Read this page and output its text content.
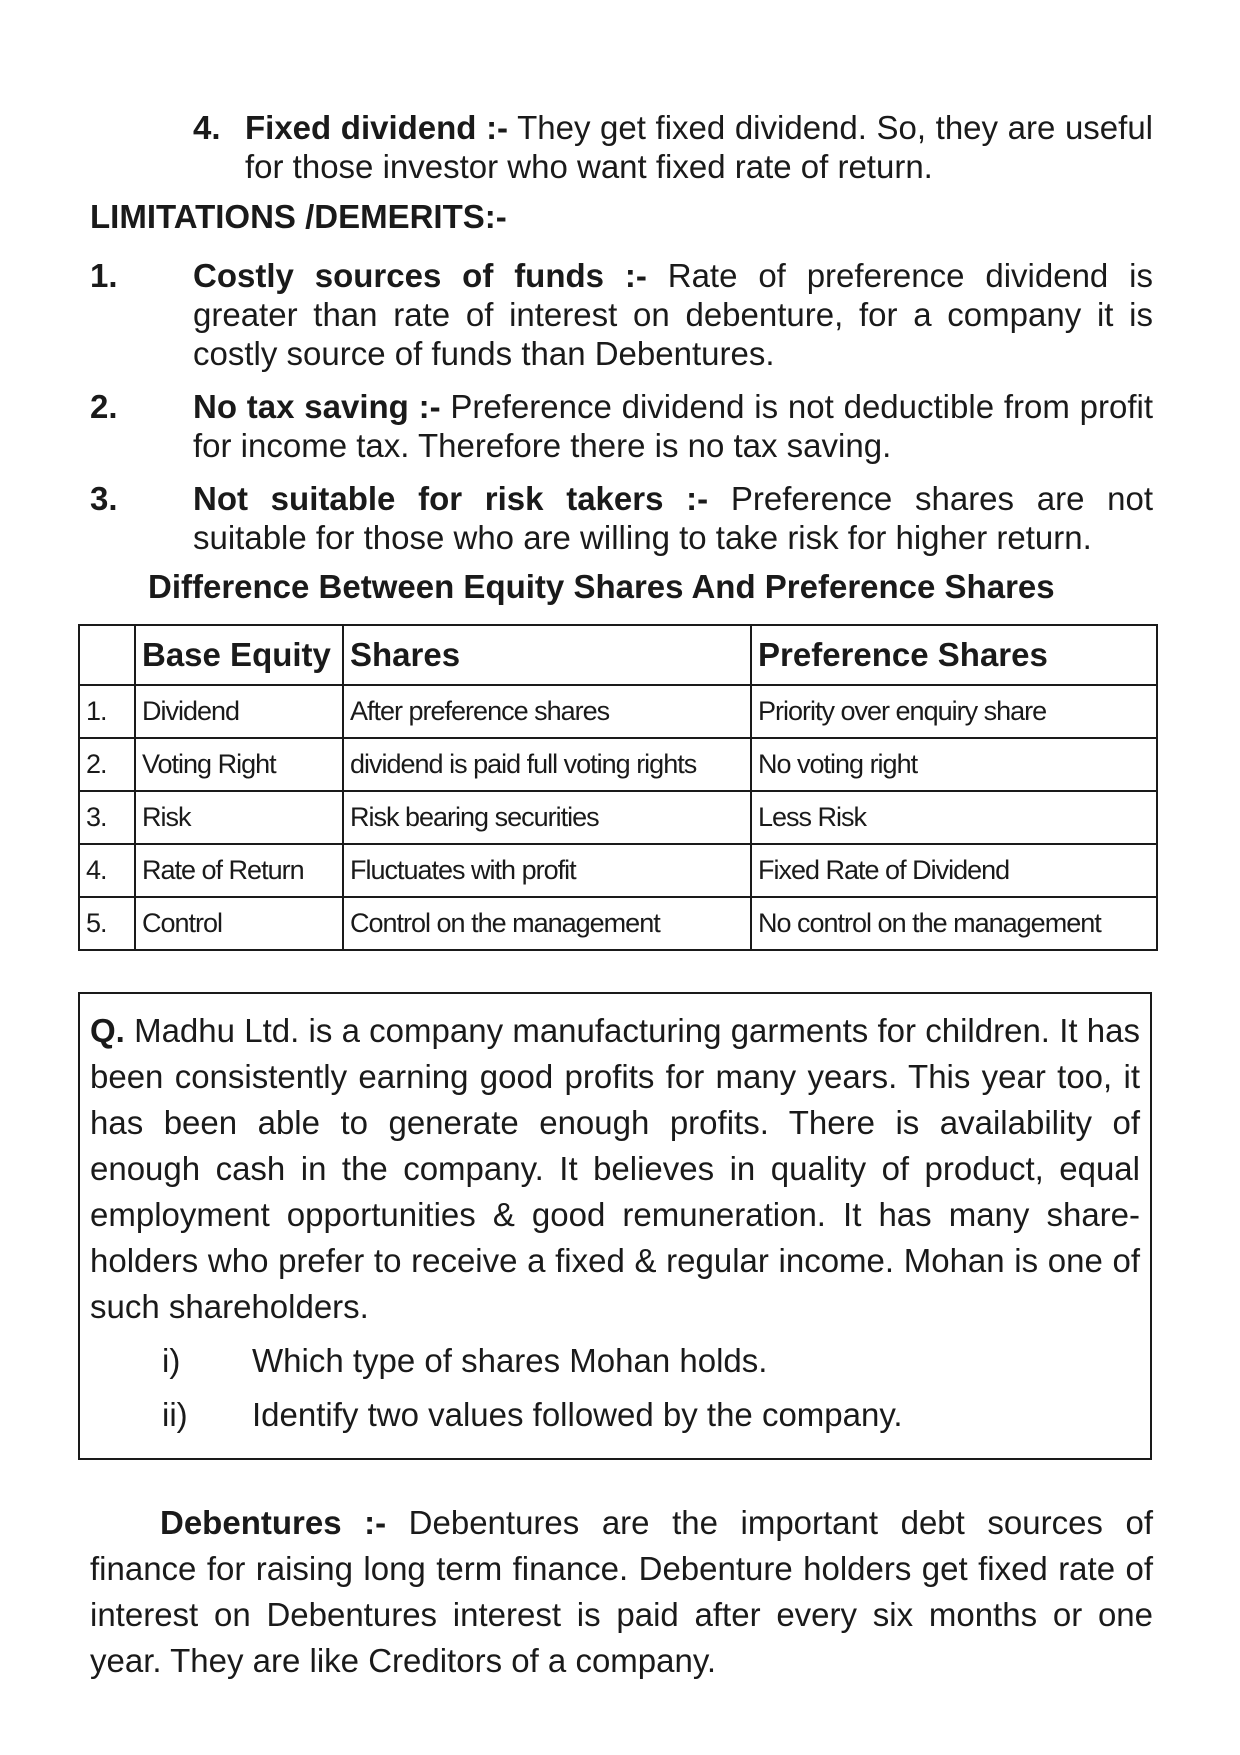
4. Fixed dividend :- They get fixed dividend. So, they are useful for those investor who want fixed rate of return.
LIMITATIONS /DEMERITS:-
1. Costly sources of funds :- Rate of preference dividend is greater than rate of interest on debenture, for a company it is costly source of funds than Debentures.
2. No tax saving :- Preference dividend is not deductible from profit for income tax. Therefore there is no tax saving.
3. Not suitable for risk takers :- Preference shares are not suitable for those who are willing to take risk for higher return.
Difference Between Equity Shares And Preference Shares
	Base Equity	Shares	Preference Shares
1.	Dividend	After preference shares	Priority over enquiry share
2.	Voting Right	dividend is paid full voting rights	No voting right
3.	Risk	Risk bearing securities	Less Risk
4.	Rate of Return	Fluctuates with profit	Fixed Rate of Dividend
5.	Control	Control on the management	No control on the management
Q. Madhu Ltd. is a company manufacturing garments for children. It has been consistently earning good profits for many years. This year too, it has been able to generate enough profits. There is availability of enough cash in the company. It believes in quality of product, equal employment opportunities & good remuneration. It has many share-holders who prefer to receive a fixed & regular income. Mohan is one of such shareholders.
i) Which type of shares Mohan holds.
ii) Identify two values followed by the company.
Debentures :- Debentures are the important debt sources of finance for raising long term finance. Debenture holders get fixed rate of interest on Debentures interest is paid after every six months or one year. They are like Creditors of a company.
